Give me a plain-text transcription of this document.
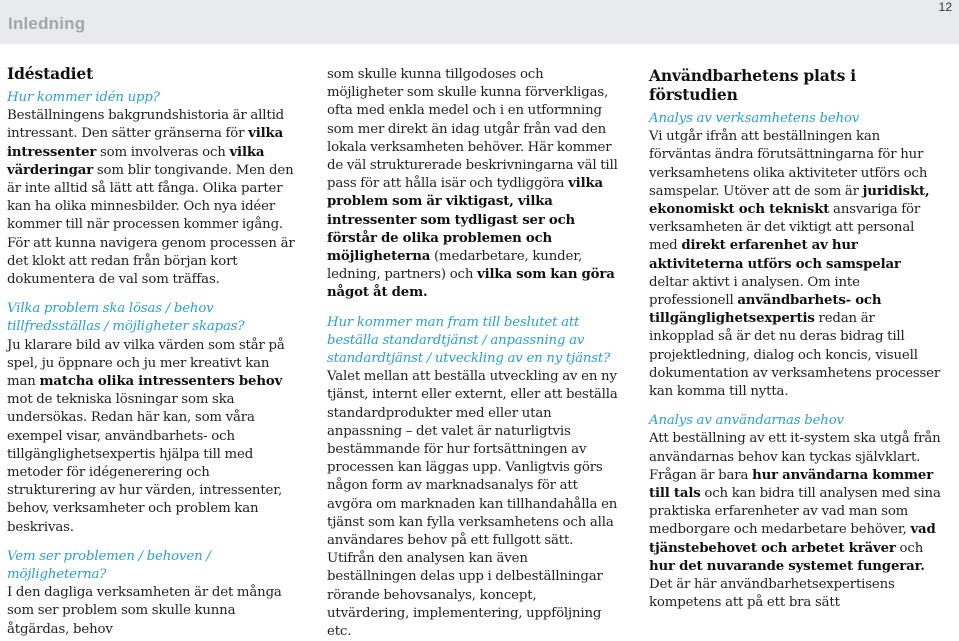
Inledning
12

Idéstadiet

Hur kommer idén upp?

Beställningens bakgrundshistoria är alltid intressant. Den sätter gränserna för vilka intressenter som involveras och vilka värderingar som blir tongivande. Men den är inte alltid så lätt att fånga. Olika parter kan ha olika minnesbilder. Och nya idéer kommer till när processen kommer igång. För att kunna navigera genom processen är det klokt att redan från början kort dokumentera de val som träffas.

Vilka problem ska lösas / behov tillfredsställas / möjligheter skapas?

Ju klarare bild av vilka värden som står på spel, ju öppnare och ju mer kreativt kan man matcha olika intressenters behov mot de tekniska lösningar som ska undersökas. Redan här kan, som våra exempel visar, användbarhets- och tillgänglighetsexpertis hjälpa till med metoder för idégenerering och strukturering av hur värden, intressenter, behov, verksamheter och problem kan beskrivas.

Vem ser problemen / behoven / möjligheterna?

I den dagliga verksamheten är det många som ser problem som skulle kunna åtgärdas, behov

som skulle kunna tillgodoses och möjligheter som skulle kunna förverkligas, ofta med enkla medel och i en utformning som mer direkt än idag utgår från vad den lokala verksamheten behöver. Här kommer de väl strukturerade beskrivningarna väl till pass för att hålla isär och tydliggöra vilka problem som är viktigast, vilka intressenter som tydligast ser och förstår de olika problemen och möjligheterna (medarbetare, kunder, ledning, partners) och vilka som kan göra något åt dem.

Hur kommer man fram till beslutet att beställa standardtjänst / anpassning av standardtjänst / utveckling av en ny tjänst?

Valet mellan att beställa utveckling av en ny tjänst, internt eller externt, eller att beställa standardprodukter med eller utan anpassning – det valet är naturligtvis bestämmande för hur fortsättningen av processen kan läggas upp. Vanligtvis görs någon form av marknadsanalys för att avgöra om marknaden kan tillhandahålla en tjänst som kan fylla verksamhetens och alla användares behov på ett fullgott sätt. Utifrån den analysen kan även beställningen delas upp i delbeställningar rörande behovsanalys, koncept, utvärdering, implementering, uppföljning etc.

Användbarhetens plats i förstudien

Analys av verksamhetens behov

Vi utgår ifrån att beställningen kan förväntas ändra förutsättningarna för hur verksamhetens olika aktiviteter utförs och samspelar. Utöver att de som är juridiskt, ekonomiskt och tekniskt ansvariga för verksamheten är det viktigt att personal med direkt erfarenhet av hur aktiviteterna utförs och samspelar deltar aktivt i analysen. Om inte professionell användbarhets- och tillgänglighetsexpertis redan är inkopplad så är det nu deras bidrag till projektledning, dialog och koncis, visuell dokumentation av verksamhetens processer kan komma till nytta.

Analys av användarnas behov

Att beställning av ett it-system ska utgå från användarnas behov kan tyckas självklart. Frågan är bara hur användarna kommer till tals och kan bidra till analysen med sina praktiska erfarenheter av vad man som medborgare och medarbetare behöver, vad tjänstebehovet och arbetet kräver och hur det nuvarande systemet fungerar. Det är här användbarhetsexpertisens kompetens att på ett bra sätt
